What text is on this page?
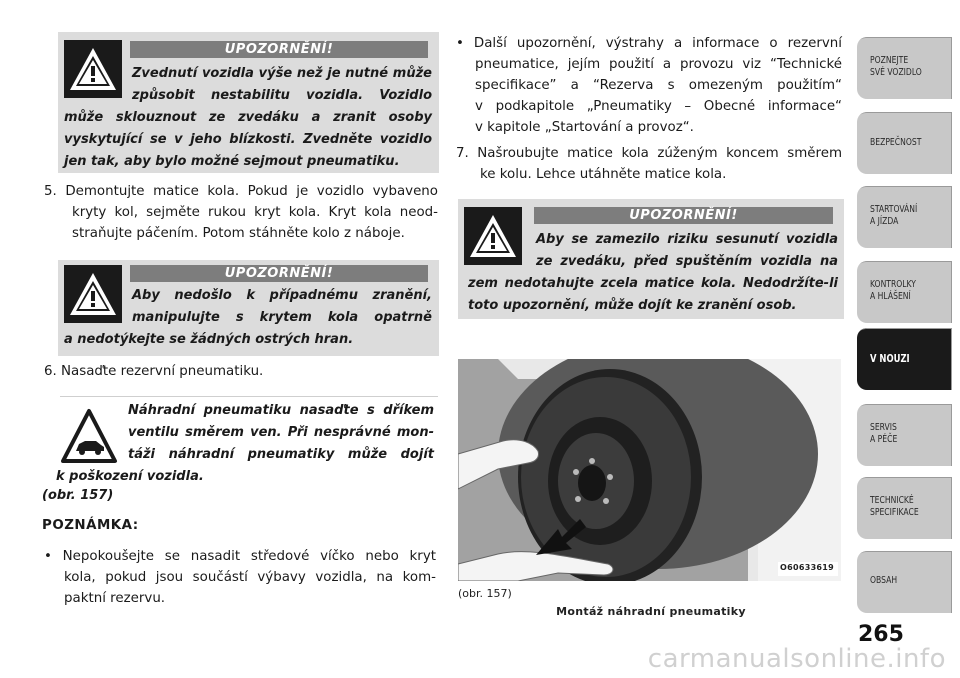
UPOZORNĚNÍ!
Zvednutí vozidla výše než je nutné může
způsobit nestabilitu vozidla. Vozidlo
může sklouznout ze zvedáku a zranit osoby
vyskytující se v jeho blízkosti. Zvedněte vozidlo
jen tak, aby bylo možné sejmout pneumatiku.
5. Demontujte matice kola. Pokud je vozidlo vybaveno
kryty kol, sejměte rukou kryt kola. Kryt kola neod-
straňujte páčením. Potom stáhněte kolo z náboje.
UPOZORNĚNÍ!
Aby nedošlo k případnému zranění,
manipulujte s krytem kola opatrně
a nedotýkejte se žádných ostrých hran.
6. Nasaďte rezervní pneumatiku.
Náhradní pneumatiku nasaďte s dříkem
ventilu směrem ven. Při nesprávné mon-
táži náhradní pneumatiky může dojít
k poškození vozidla.
(obr. 157)
POZNÁMKA:
• Nepokoušejte se nasadit středové víčko nebo kryt
kola, pokud jsou součástí výbavy vozidla, na kom-
paktní rezervu.
• Další upozornění, výstrahy a informace o rezervní
pneumatice, jejím použití a provozu viz “Technické
specifikace” a “Rezerva s omezeným použitím“
v podkapitole „Pneumatiky – Obecné informace“
v kapitole „Startování a provoz“.
7. Našroubujte matice kola zúženým koncem směrem
ke kolu. Lehce utáhněte matice kola.
UPOZORNĚNÍ!
Aby se zamezilo riziku sesunutí vozidla
ze zvedáku, před spuštěním vozidla na
zem nedotahujte zcela matice kola. Nedodržíte-li
toto upozornění, může dojít ke zranění osob.
O60633619
(obr. 157)
Montáž náhradní pneumatiky
POZNEJTE
SVÉ VOZIDLO
BEZPEČNOST
STARTOVÁNÍ
A JÍZDA
KONTROLKY
A HLÁŠENÍ
V NOUZI
SERVIS
A PÉČE
TECHNICKÉ
SPECIFIKACE
OBSAH
265
carmanualsonline.info
